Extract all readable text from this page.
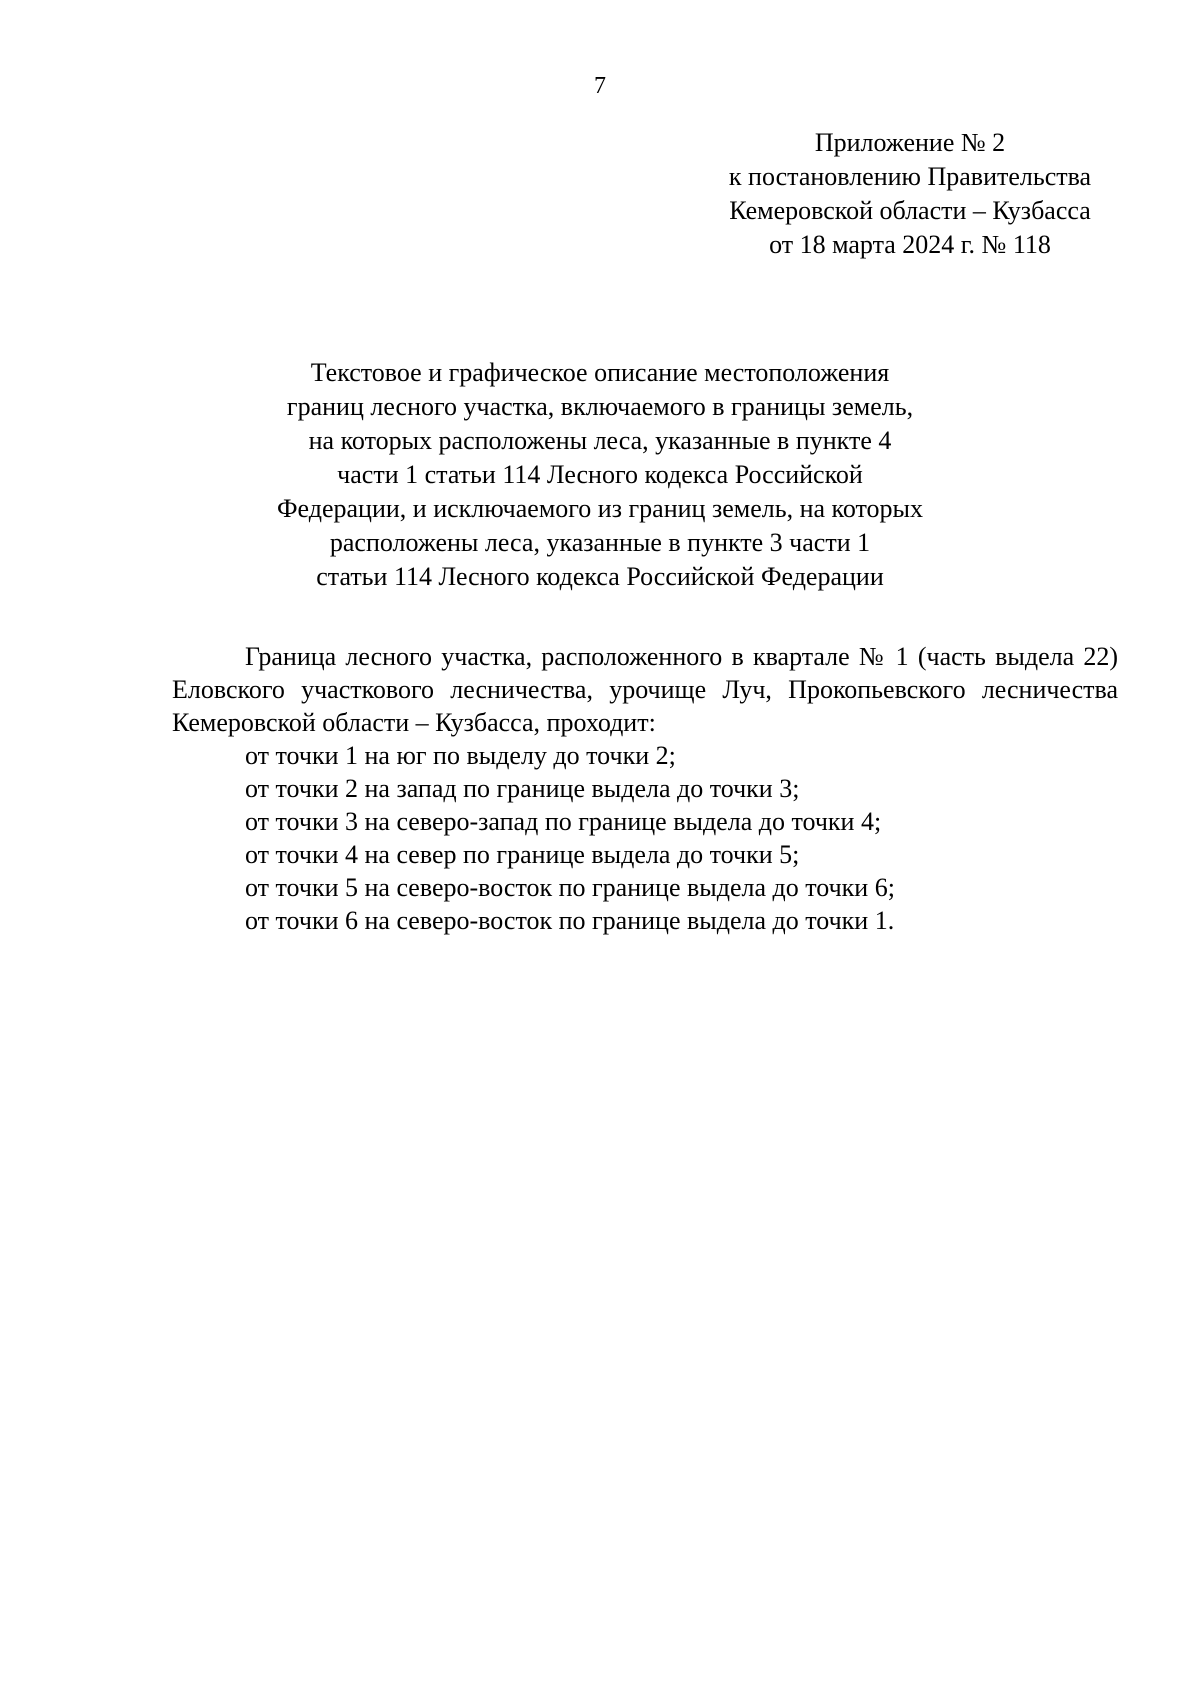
7
Приложение № 2
к постановлению Правительства
Кемеровской области – Кузбасса
от 18 марта 2024 г. № 118
Текстовое и графическое описание местоположения
границ лесного участка, включаемого в границы земель,
на которых расположены леса, указанные в пункте 4
части 1 статьи 114 Лесного кодекса Российской
Федерации, и исключаемого из границ земель, на которых
расположены леса, указанные в пункте 3 части 1
статьи 114 Лесного кодекса Российской Федерации

Граница лесного участка, расположенного в квартале № 1 (часть выдела 22) Еловского участкового лесничества, урочище Луч, Прокопьевского лесничества Кемеровской области – Кузбасса, проходит:

от точки 1 на юг по выделу до точки 2;
от точки 2 на запад по границе выдела до точки 3;
от точки 3 на северо-запад по границе выдела до точки 4;
от точки 4 на север по границе выдела до точки 5;
от точки 5 на северо-восток по границе выдела до точки 6;
от точки 6 на северо-восток по границе выдела до точки 1.
